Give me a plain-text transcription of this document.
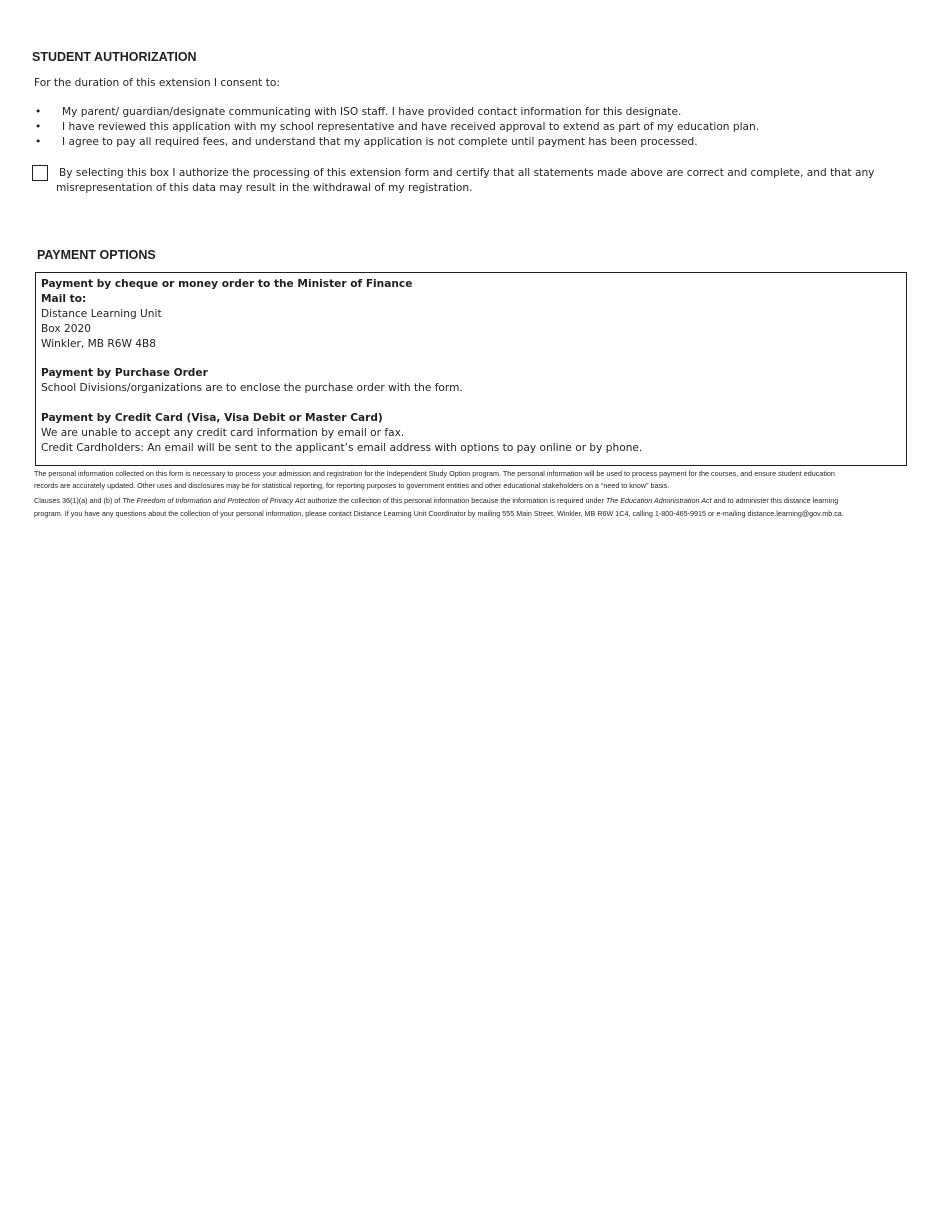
STUDENT AUTHORIZATION
For the duration of this extension I consent to:
• My parent/ guardian/designate communicating with ISO staff. I have provided contact information for this designate.
• I have reviewed this application with my school representative and have received approval to extend as part of my education plan.
• I agree to pay all required fees, and understand that my application is not complete until payment has been processed.
By selecting this box I authorize the processing of this extension form and certify that all statements made above are correct and complete, and that any
misrepresentation of this data may result in the withdrawal of my registration.
PAYMENT OPTIONS
Payment by cheque or money order to the Minister of Finance
Mail to:
Distance Learning Unit
Box 2020
Winkler, MB R6W 4B8
Payment by Purchase Order
School Divisions/organizations are to enclose the purchase order with the form.
Payment by Credit Card (Visa, Visa Debit or Master Card)
We are unable to accept any credit card information by email or fax.
Credit Cardholders: An email will be sent to the applicant’s email address with options to pay online or by phone.
The personal information collected on this form is necessary to process your admission and registration for the Independent Study Option program. The personal information will be used to process payment for the courses, and ensure student education
records are accurately updated. Other uses and disclosures may be for statistical reporting, for reporting purposes to government entities and other educational stakeholders on a “need to know” basis.
Clauses 36(1)(a) and (b) of The Freedom of Information and Protection of Privacy Act authorize the collection of this personal information because the information is required under The Education Administration Act and to administer this distance learning
program. If you have any questions about the collection of your personal information, please contact Distance Learning Unit Coordinator by mailing 555 Main Street, Winkler, MB R6W 1C4, calling 1-800-465-9915 or e-mailing distance.learning@gov.mb.ca.
